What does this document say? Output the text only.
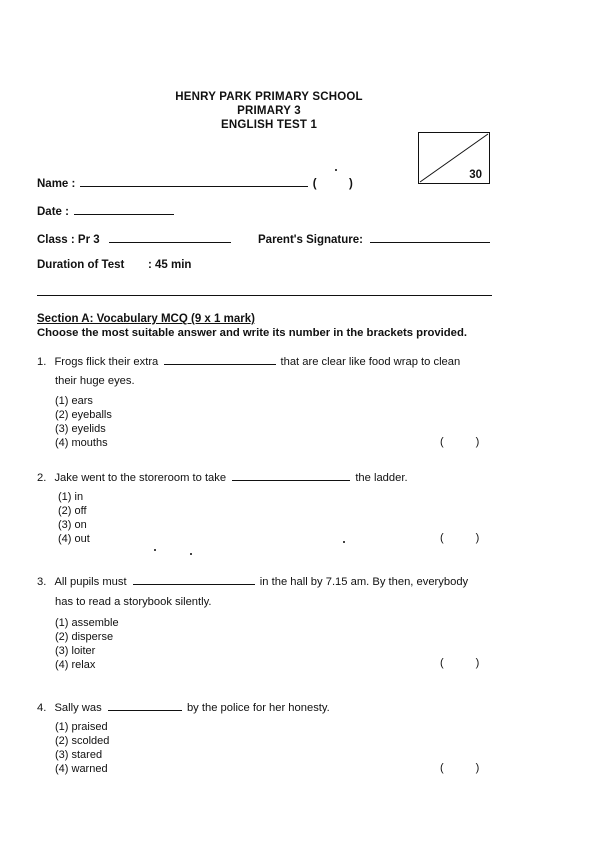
HENRY PARK PRIMARY SCHOOL
PRIMARY 3
ENGLISH TEST 1
30
Name :	(	)
Date :
Class : Pr 3	Parent's Signature:
Duration of Test : 45 min
Section A: Vocabulary MCQ (9 x 1 mark)
Choose the most suitable answer and write its number in the brackets provided.
1. Frogs flick their extra	that are clear like food wrap to clean
their huge eyes.
(1) ears
(2) eyeballs
(3) eyelids
(4) mouths	(	)
2. Jake went to the storeroom to take	the ladder.
(1) in
(2) off
(3) on
(4) out	(	)
3. All pupils must	in the hall by 7.15 am. By then, everybody
has to read a storybook silently.
(1) assemble
(2) disperse
(3) loiter
(4) relax	(	)
4. Sally was	by the police for her honesty.
(1) praised
(2) scolded
(3) stared
(4) warned	(	)
